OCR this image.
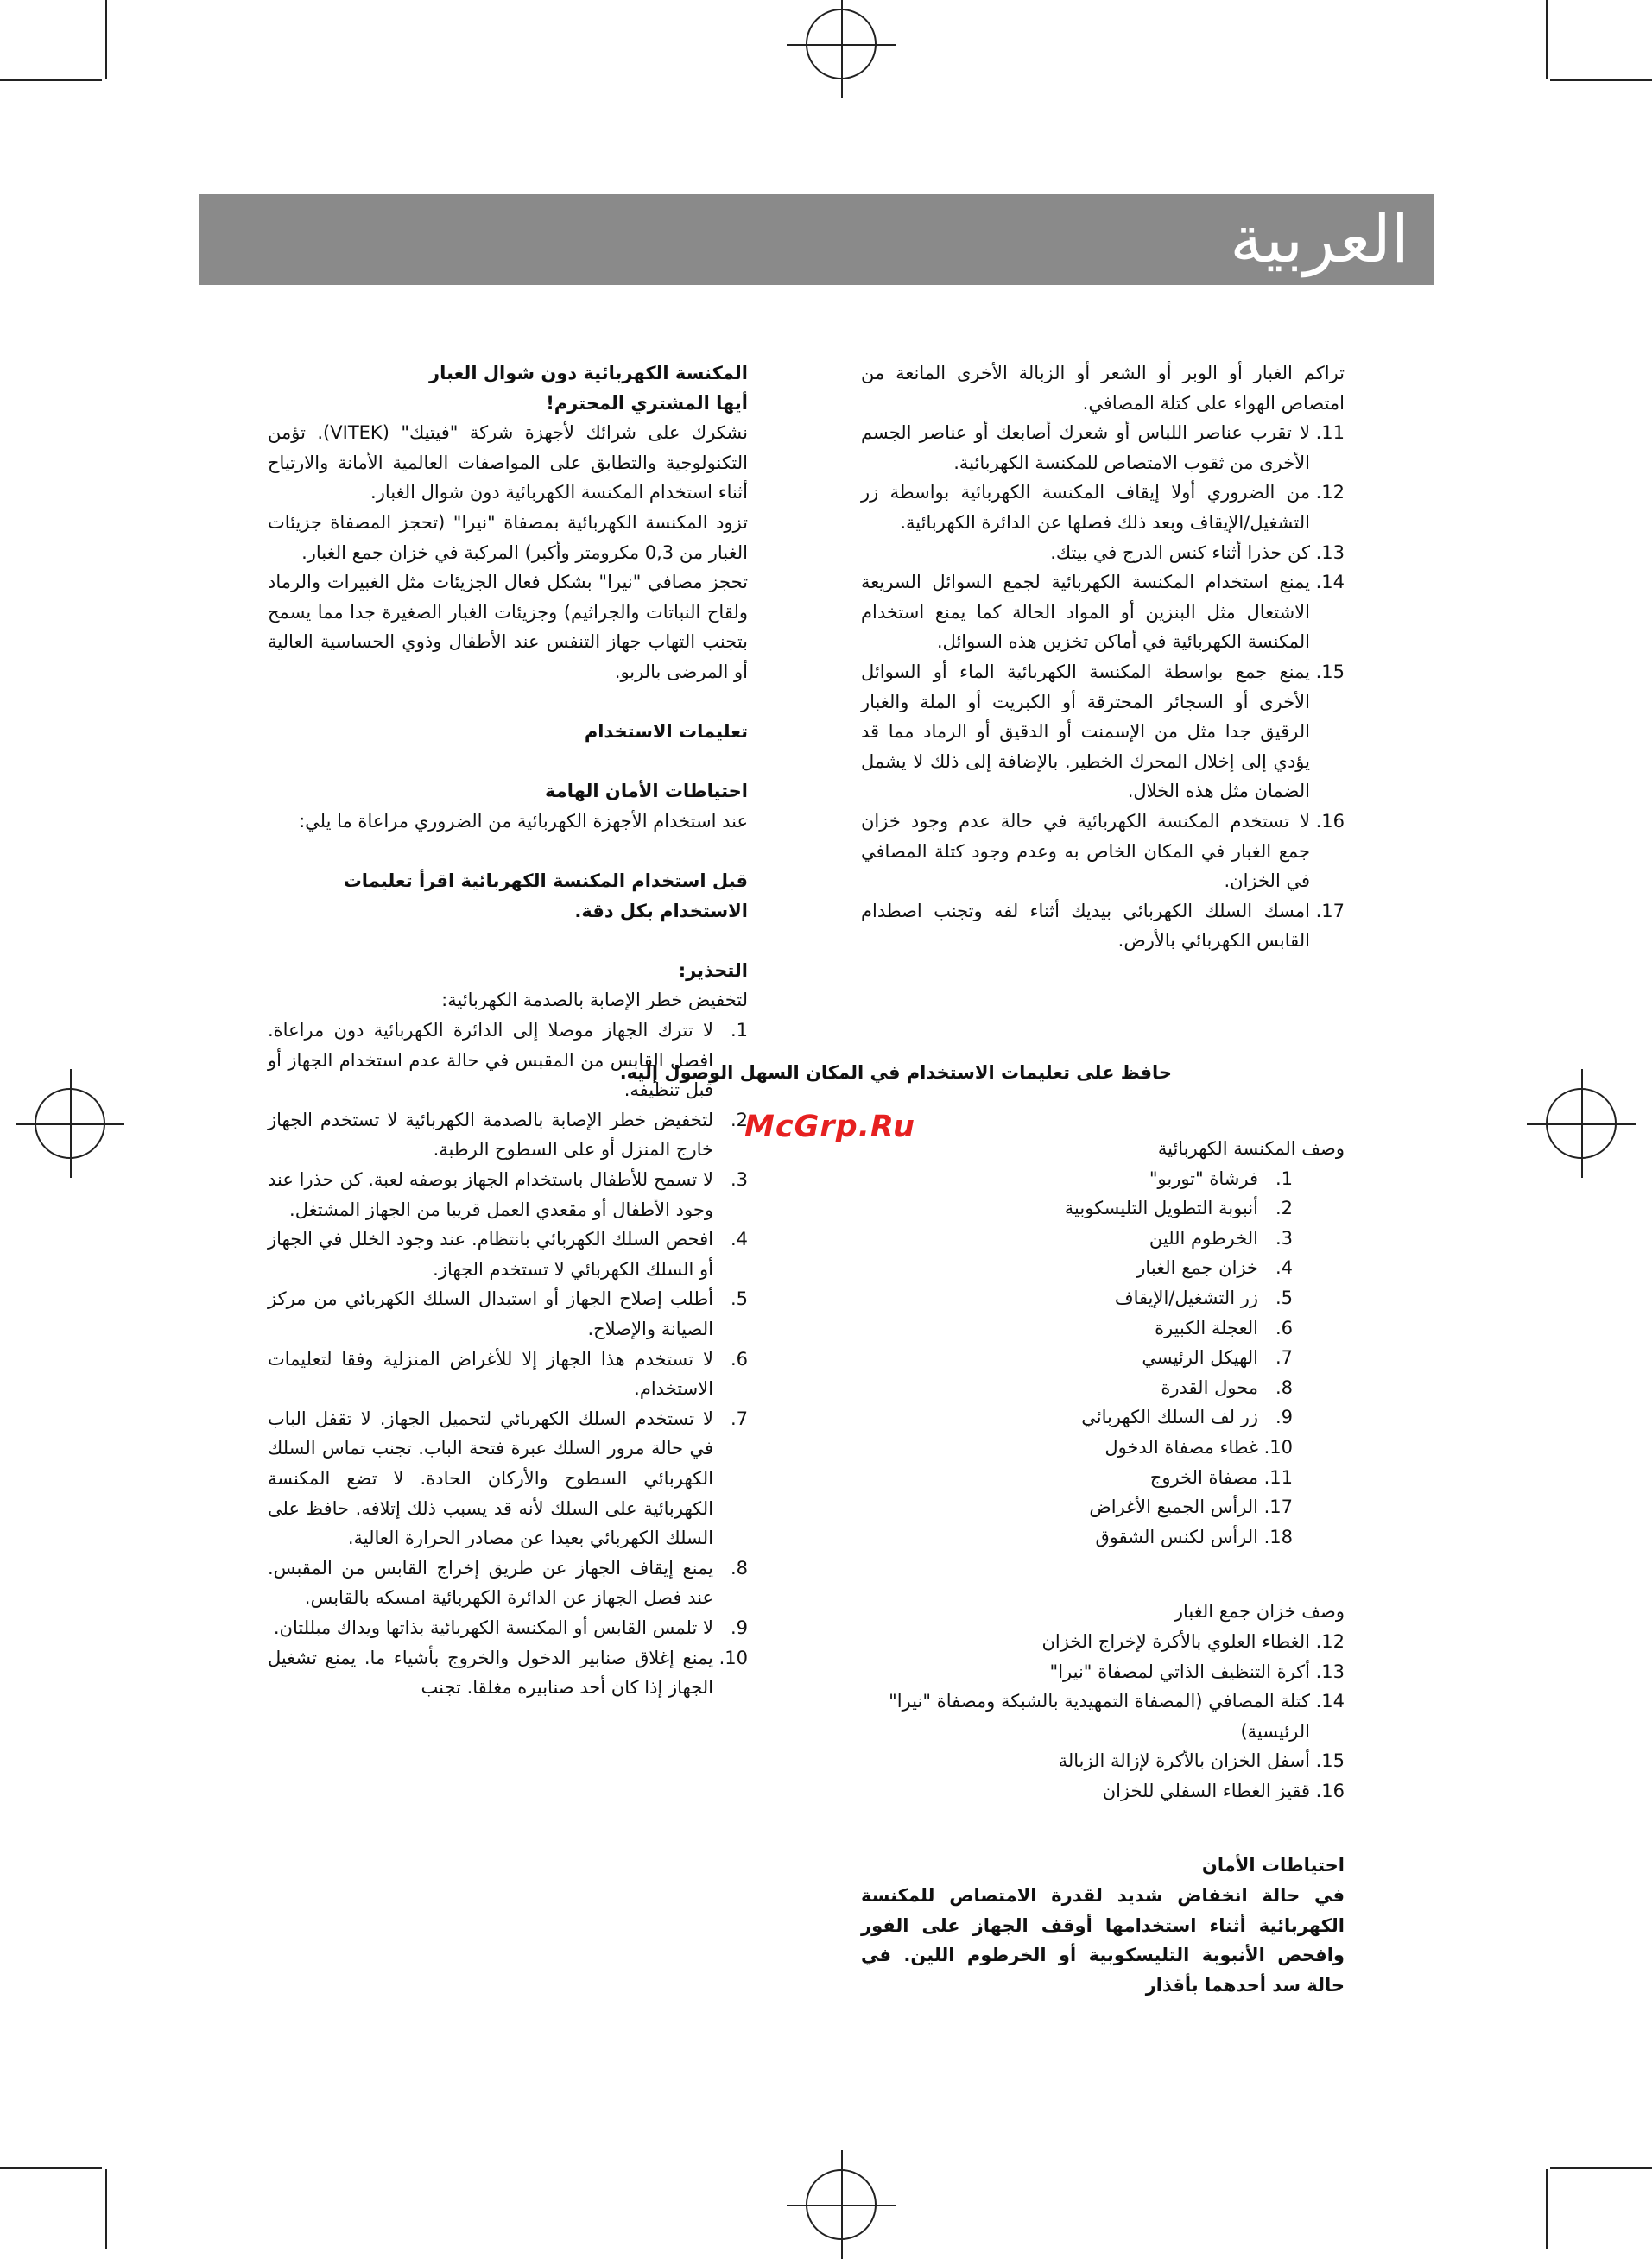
العربية

تراكم الغبار أو الوبر أو الشعر أو الزبالة الأخرى المانعة من امتصاص الهواء على كتلة المصافي.

11.
لا تقرب عناصر اللباس أو شعرك أصابعك أو عناصر الجسم الأخرى من ثقوب الامتصاص للمكنسة الكهربائية.
12.
من الضروري أولا إيقاف المكنسة الكهربائية بواسطة زر التشغيل/الإيقاف وبعد ذلك فصلها عن الدائرة الكهربائية.
13.
كن حذرا أثناء كنس الدرج في بيتك.
14.
يمنع استخدام المكنسة الكهربائية لجمع السوائل السريعة الاشتعال مثل البنزين أو المواد الحالة كما يمنع استخدام المكنسة الكهربائية في أماكن تخزين هذه السوائل.
15.
يمنع جمع بواسطة المكنسة الكهربائية الماء أو السوائل الأخرى أو السجائر المحترقة أو الكبريت أو الملة والغبار الرقيق جدا مثل من الإسمنت أو الدقيق أو الرماد مما قد يؤدي إلى إخلال المحرك الخطير. بالإضافة إلى ذلك لا يشمل الضمان مثل هذه الخلال.
16.
لا تستخدم المكنسة الكهربائية في حالة عدم وجود خزان جمع الغبار في المكان الخاص به وعدم وجود كتلة المصافي في الخزان.
17.
امسك السلك الكهربائي بيديك أثناء لفه وتجنب اصطدام القابس الكهربائي بالأرض.

حافظ على تعليمات الاستخدام في المكان السهل الوصول إليه.

McGrp.Ru

وصف المكنسة الكهربائية

1.
فرشاة "توربو"
2.
أنبوبة التطويل التليسكوبية
3.
الخرطوم اللين
4.
خزان جمع الغبار
5.
زر التشغيل/الإيقاف
6.
العجلة الكبيرة
7.
الهيكل الرئيسي
8.
محول القدرة
9.
زر لف السلك الكهربائي
10.
غطاء مصفاة الدخول
11.
مصفاة الخروج
17.
الرأس الجميع الأغراض
18.
الرأس لكنس الشقوق

وصف خزان جمع الغبار

12.
الغطاء العلوي بالأكرة لإخراج الخزان
13.
أكرة التنظيف الذاتي لمصفاة "نيرا"
14.
كتلة المصافي (المصفاة التمهيدية بالشبكة ومصفاة "نيرا" الرئيسية)
15.
أسفل الخزان بالأكرة لإزالة الزبالة
16.
ققيز الغطاء السفلي للخزان

احتياطات الأمان

في حالة انخفاض شديد لقدرة الامتصاص للمكنسة الكهربائية أثناء استخدامها أوقف الجهاز على الفور وافحص الأنبوبة التليسكوبية أو الخرطوم اللين. في حالة سد أحدهما بأقذار

المكنسة الكهربائية دون شوال الغبار

أيها المشتري المحترم!

نشكرك على شرائك لأجهزة شركة "فيتيك" (VITEK). تؤمن التكنولوجية والتطابق على المواصفات العالمية الأمانة والارتياح أثناء استخدام المكنسة الكهربائية دون شوال الغبار.

تزود المكنسة الكهربائية بمصفاة "نيرا" (تحجز المصفاة جزيئات الغبار من 0,3 مكرومتر وأكبر) المركبة في خزان جمع الغبار.

تحجز مصافي "نيرا" بشكل فعال الجزيئات مثل الغبيرات والرماد ولقاح النباتات والجراثيم) وجزيئات الغبار الصغيرة جدا مما يسمح بتجنب التهاب جهاز التنفس عند الأطفال وذوي الحساسية العالية أو المرضى بالربو.

تعليمات الاستخدام

احتياطات الأمان الهامة

عند استخدام الأجهزة الكهربائية من الضروري مراعاة ما يلي:

قبل استخدام المكنسة الكهربائية اقرأ تعليمات الاستخدام بكل دقة.

التحذير:

لتخفيض خطر الإصابة بالصدمة الكهربائية:

1.
لا تترك الجهاز موصلا إلى الدائرة الكهربائية دون مراعاة. افصل القابس من المقبس في حالة عدم استخدام الجهاز أو قبل تنظيفه.
2.
لتخفيض خطر الإصابة بالصدمة الكهربائية لا تستخدم الجهاز خارج المنزل أو على السطوح الرطبة.
3.
لا تسمح للأطفال باستخدام الجهاز بوصفه لعبة. كن حذرا عند وجود الأطفال أو مقعدي العمل قريبا من الجهاز المشتغل.
4.
افحص السلك الكهربائي بانتظام. عند وجود الخلل في الجهاز أو السلك الكهربائي لا تستخدم الجهاز.
5.
أطلب إصلاح الجهاز أو استبدال السلك الكهربائي من مركز الصيانة والإصلاح.
6.
لا تستخدم هذا الجهاز إلا للأغراض المنزلية وفقا لتعليمات الاستخدام.
7.
لا تستخدم السلك الكهربائي لتحميل الجهاز. لا تقفل الباب في حالة مرور السلك عبرة فتحة الباب. تجنب تماس السلك الكهربائي السطوح والأركان الحادة. لا تضع المكنسة الكهربائية على السلك لأنه قد يسبب ذلك إتلافه. حافظ على السلك الكهربائي بعيدا عن مصادر الحرارة العالية.
8.
يمنع إيقاف الجهاز عن طريق إخراج القابس من المقبس. عند فصل الجهاز عن الدائرة الكهربائية امسكه بالقابس.
9.
لا تلمس القابس أو المكنسة الكهربائية بذاتها ويداك مبللتان.
10.
يمنع إغلاق صنابير الدخول والخروج بأشياء ما. يمنع تشغيل الجهاز إذا كان أحد صنابيره مغلقا. تجنب
